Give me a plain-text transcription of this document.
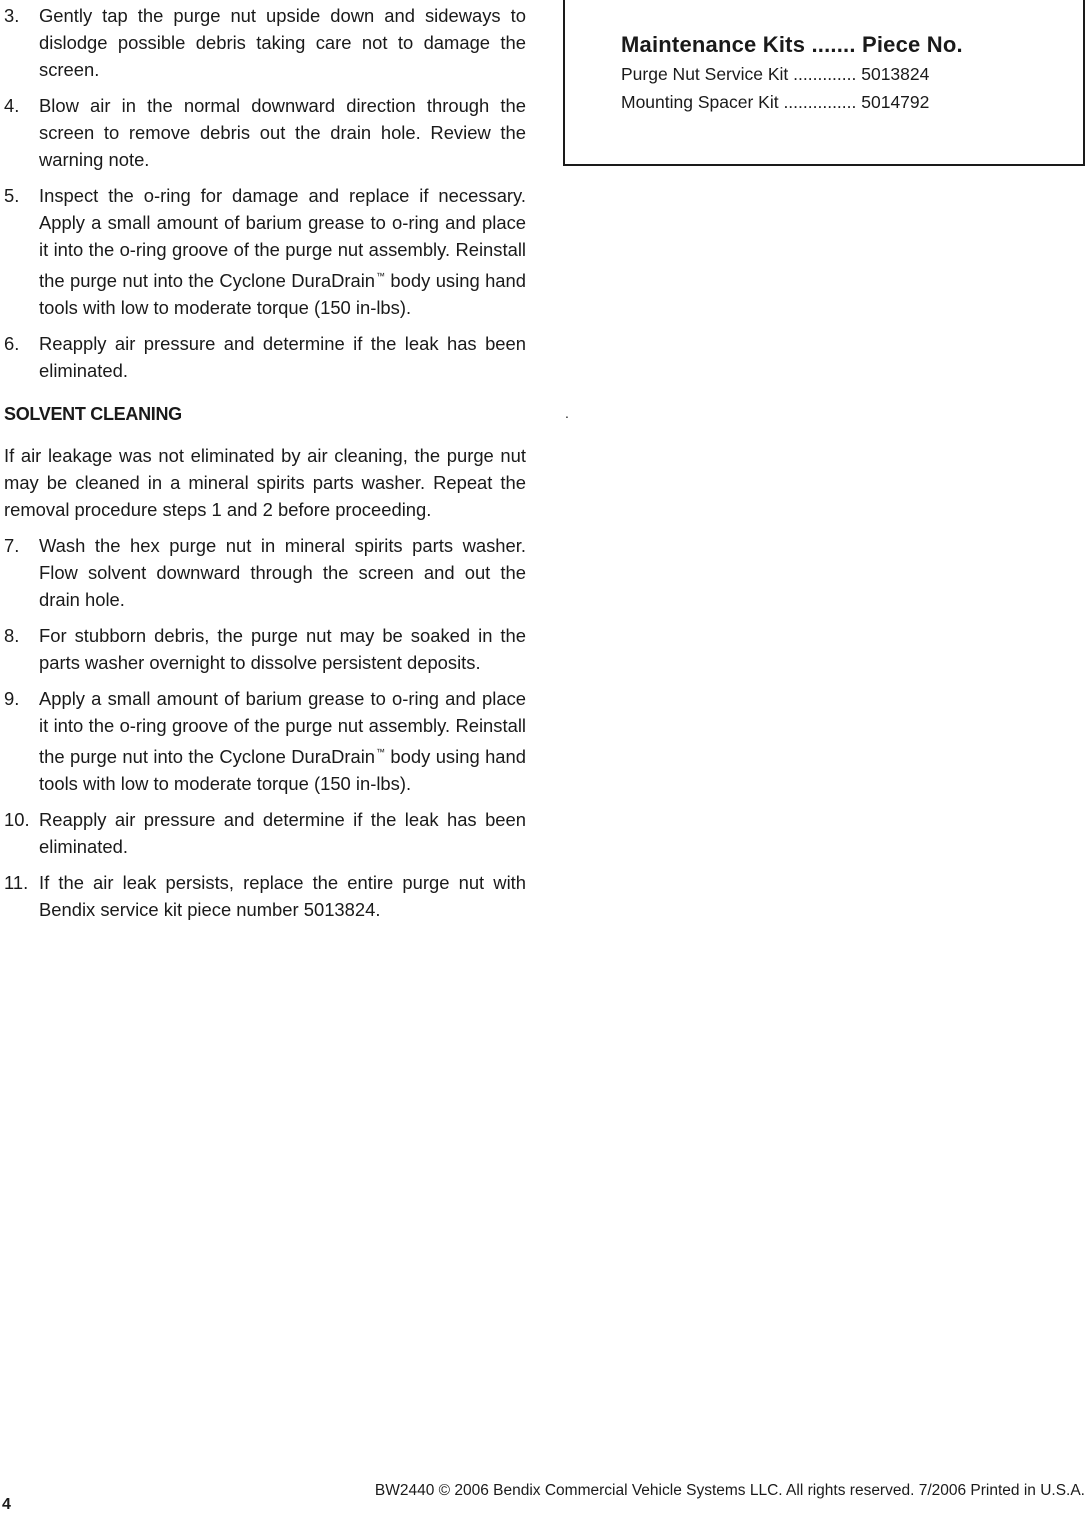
3. Gently tap the purge nut upside down and sideways to dislodge possible debris taking care not to damage the screen.
4. Blow air in the normal downward direction through the screen to remove debris out the drain hole. Review the warning note.
5. Inspect the o-ring for damage and replace if necessary. Apply a small amount of barium grease to o-ring and place it into the o-ring groove of the purge nut assembly. Reinstall the purge nut into the Cyclone DuraDrain™ body using hand tools with low to moderate torque (150 in-lbs).
6. Reapply air pressure and determine if the leak has been eliminated.
SOLVENT CLEANING
If air leakage was not eliminated by air cleaning, the purge nut may be cleaned in a mineral spirits parts washer. Repeat the removal procedure steps 1 and 2 before proceeding.
7. Wash the hex purge nut in mineral spirits parts washer. Flow solvent downward through the screen and out the drain hole.
8. For stubborn debris, the purge nut may be soaked in the parts washer overnight to dissolve persistent deposits.
9. Apply a small amount of barium grease to o-ring and place it into the o-ring groove of the purge nut assembly. Reinstall the purge nut into the Cyclone DuraDrain™ body using hand tools with low to moderate torque (150 in-lbs).
10. Reapply air pressure and determine if the leak has been eliminated.
11. If the air leak persists, replace the entire purge nut with Bendix service kit piece number 5013824.
Maintenance Kits ....... Piece No.
Purge Nut Service Kit ............. 5013824
Mounting Spacer Kit ............... 5014792
.
4
BW2440 © 2006 Bendix Commercial Vehicle Systems LLC. All rights reserved. 7/2006 Printed in U.S.A.
